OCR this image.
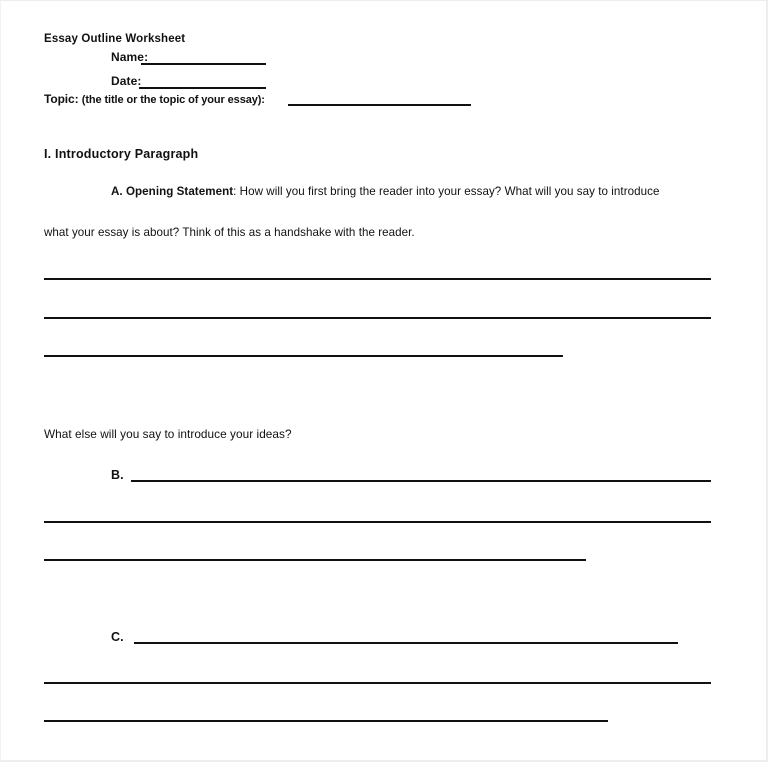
Essay Outline Worksheet
Name:
Date:
Topic: (the title or the topic of your essay):
I. Introductory Paragraph
A. Opening Statement: How will you first bring the reader into your essay? What will you say to introduce
what your essay is about? Think of this as a handshake with the reader.
What else will you say to introduce your ideas?
B.
C.
